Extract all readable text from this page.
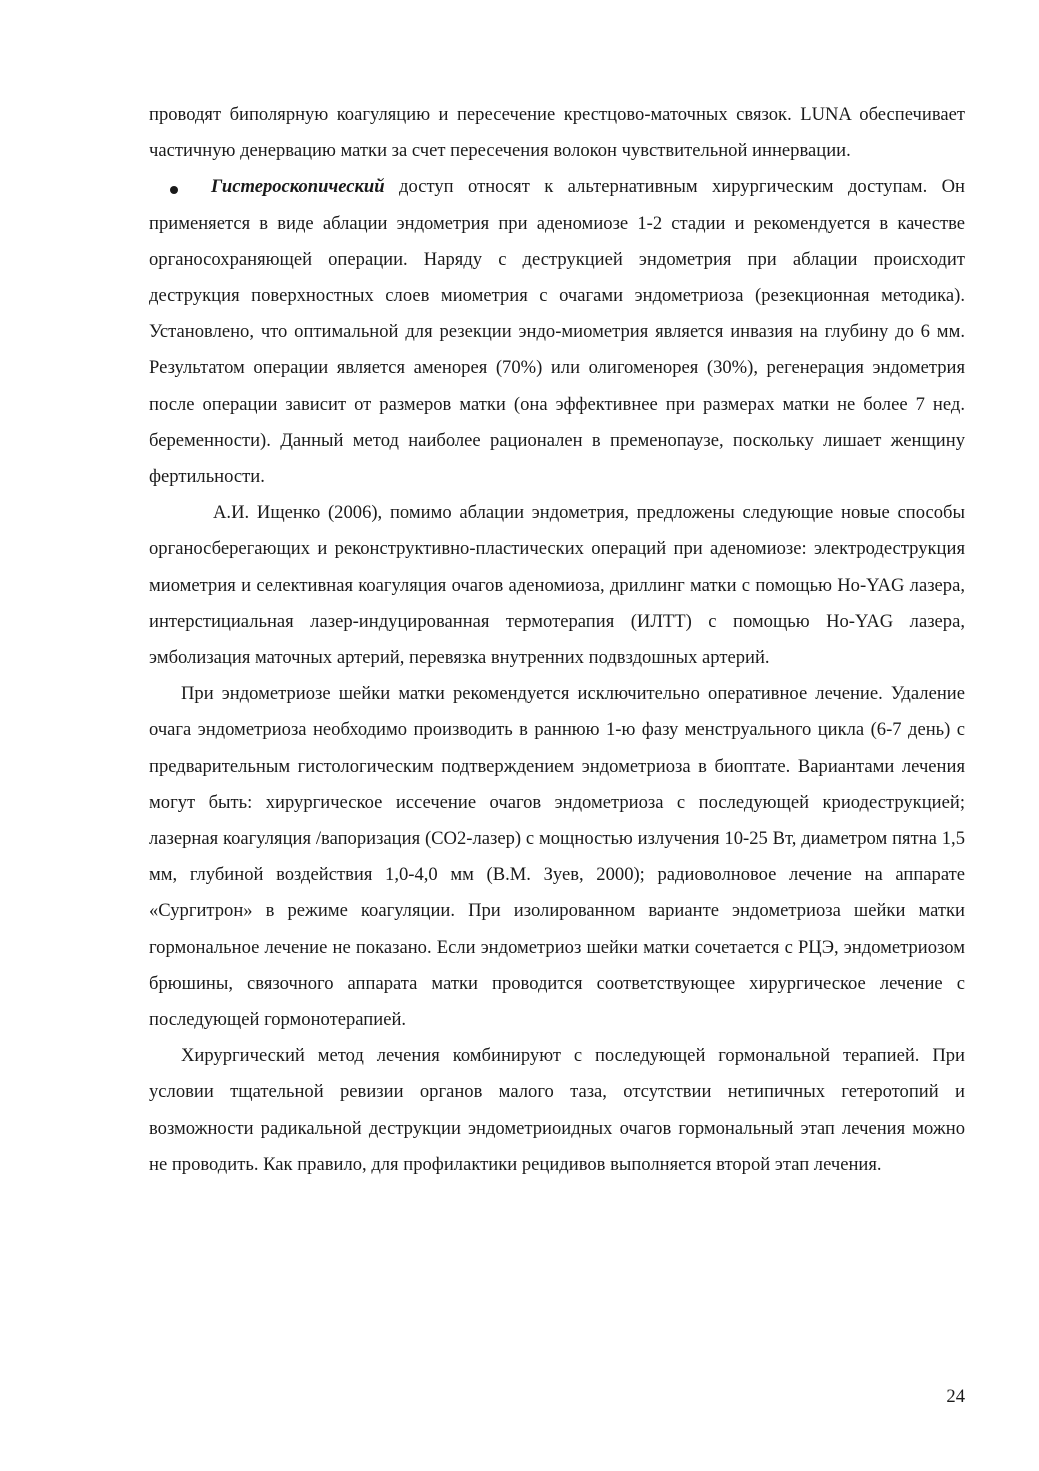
проводят биполярную коагуляцию и пересечение крестцово-маточных связок. LUNA обеспечивает частичную денервацию матки за счет пересечения волокон чувствительной иннервации.

Гистероскопический доступ относят к альтернативным хирургическим доступам. Он применяется в виде аблации эндометрия при аденомиозе 1-2 стадии и рекомендуется в качестве органосохраняющей операции. Наряду с деструкцией эндометрия при аблации происходит деструкция поверхностных слоев миометрия с очагами эндометриоза (резекционная методика). Установлено, что оптимальной для резекции эндо-миометрия является инвазия на глубину до 6 мм. Результатом операции является аменорея (70%) или олигоменорея (30%), регенерация эндометрия после операции зависит от размеров матки (она эффективнее при размерах матки не более 7 нед. беременности). Данный метод наиболее рационален в пременопаузе, поскольку лишает женщину фертильности.

А.И. Ищенко (2006), помимо аблации эндометрия, предложены следующие новые способы органосберегающих и реконструктивно-пластических операций при аденомиозе: электродеструкция миометрия и селективная коагуляция очагов аденомиоза, дриллинг матки с помощью Ho-YAG лазера, интерстициальная лазер-индуцированная термотерапия (ИЛТТ) с помощью Ho-YAG лазера, эмболизация маточных артерий, перевязка внутренних подвздошных артерий.

При эндометриозе шейки матки рекомендуется исключительно оперативное лечение. Удаление очага эндометриоза необходимо производить в раннюю 1-ю фазу менструального цикла (6-7 день) с предварительным гистологическим подтверждением эндометриоза в биоптате. Вариантами лечения могут быть: хирургическое иссечение очагов эндометриоза с последующей криодеструкцией; лазерная коагуляция /вапоризация (СО2-лазер) с мощностью излучения 10-25 Вт, диаметром пятна 1,5 мм, глубиной воздействия 1,0-4,0 мм (В.М. Зуев, 2000); радиоволновое лечение на аппарате «Сургитрон» в режиме коагуляции. При изолированном варианте эндометриоза шейки матки гормональное лечение не показано. Если эндометриоз шейки матки сочетается с РЦЭ, эндометриозом брюшины, связочного аппарата матки проводится соответствующее хирургическое лечение с последующей гормонотерапией.

Хирургический метод лечения комбинируют с последующей гормональной терапией. При условии тщательной ревизии органов малого таза, отсутствии нетипичных гетеротопий и возможности радикальной деструкции эндометриоидных очагов гормональный этап лечения можно не проводить. Как правило, для профилактики рецидивов выполняется второй этап лечения.

24
